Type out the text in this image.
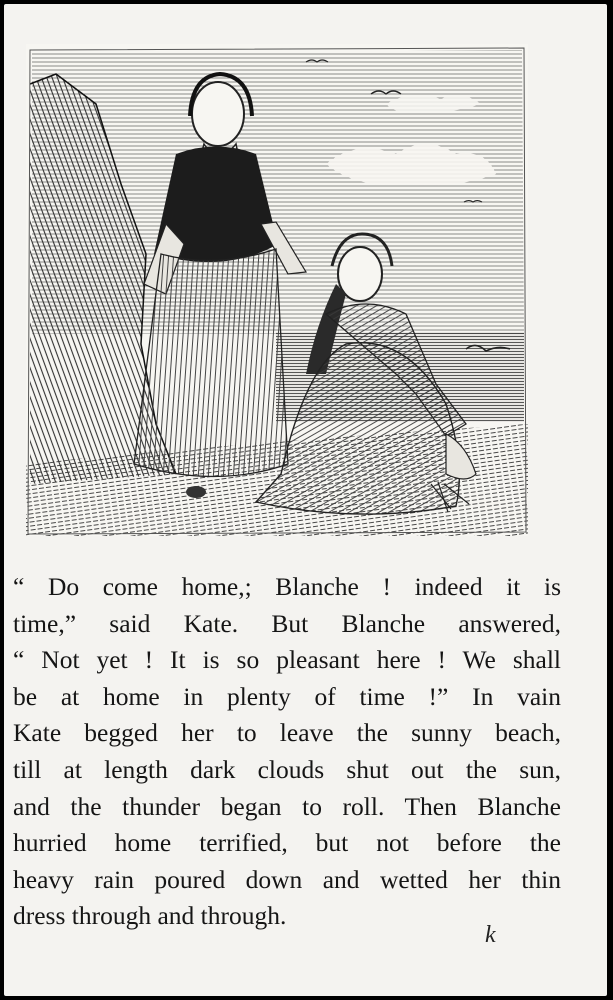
“ Do come home,; Blanche ! indeed it is
time,” said Kate. But Blanche answered,
“ Not yet ! It is so pleasant here ! We shall
be at home in plenty of time !” In vain
Kate begged her to leave the sunny beach,
till at length dark clouds shut out the sun,
and the thunder began to roll. Then Blanche
hurried home terrified, but not before the
heavy rain poured down and wetted her thin
dress through and through.
k
